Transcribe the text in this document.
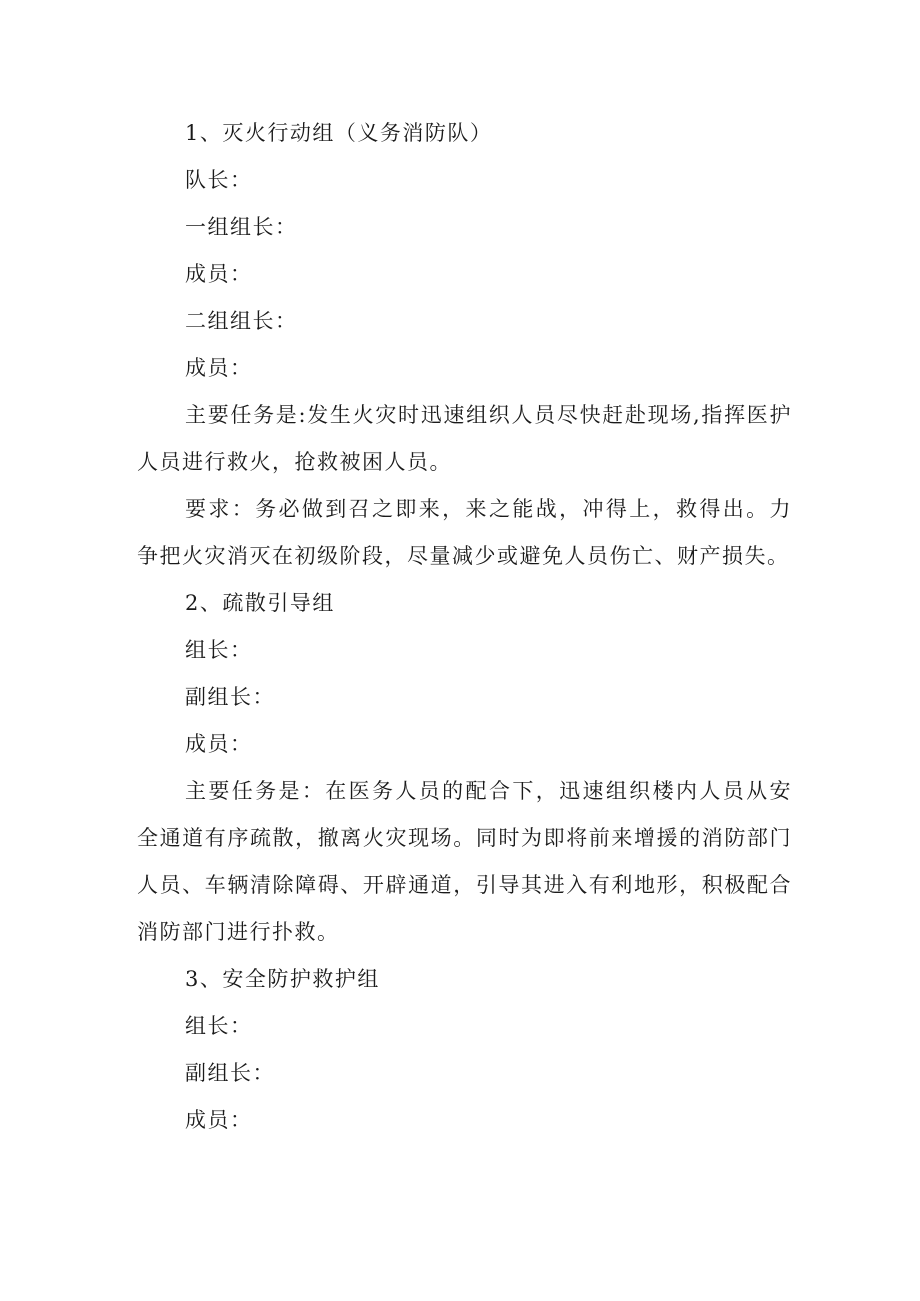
1、灭火行动组（义务消防队）

队长：

一组组长：

成员：

二组组长：

成员：

主要任务是:发生火灾时迅速组织人员尽快赶赴现场,指挥医护人员进行救火，抢救被困人员。

要求：务必做到召之即来，来之能战，冲得上，救得出。力争把火灾消灭在初级阶段，尽量减少或避免人员伤亡、财产损失。

2、疏散引导组

组长：

副组长：

成员：

主要任务是：在医务人员的配合下，迅速组织楼内人员从安全通道有序疏散，撤离火灾现场。同时为即将前来增援的消防部门人员、车辆清除障碍、开辟通道，引导其进入有利地形，积极配合消防部门进行扑救。

3、安全防护救护组

组长：

副组长：

成员：
